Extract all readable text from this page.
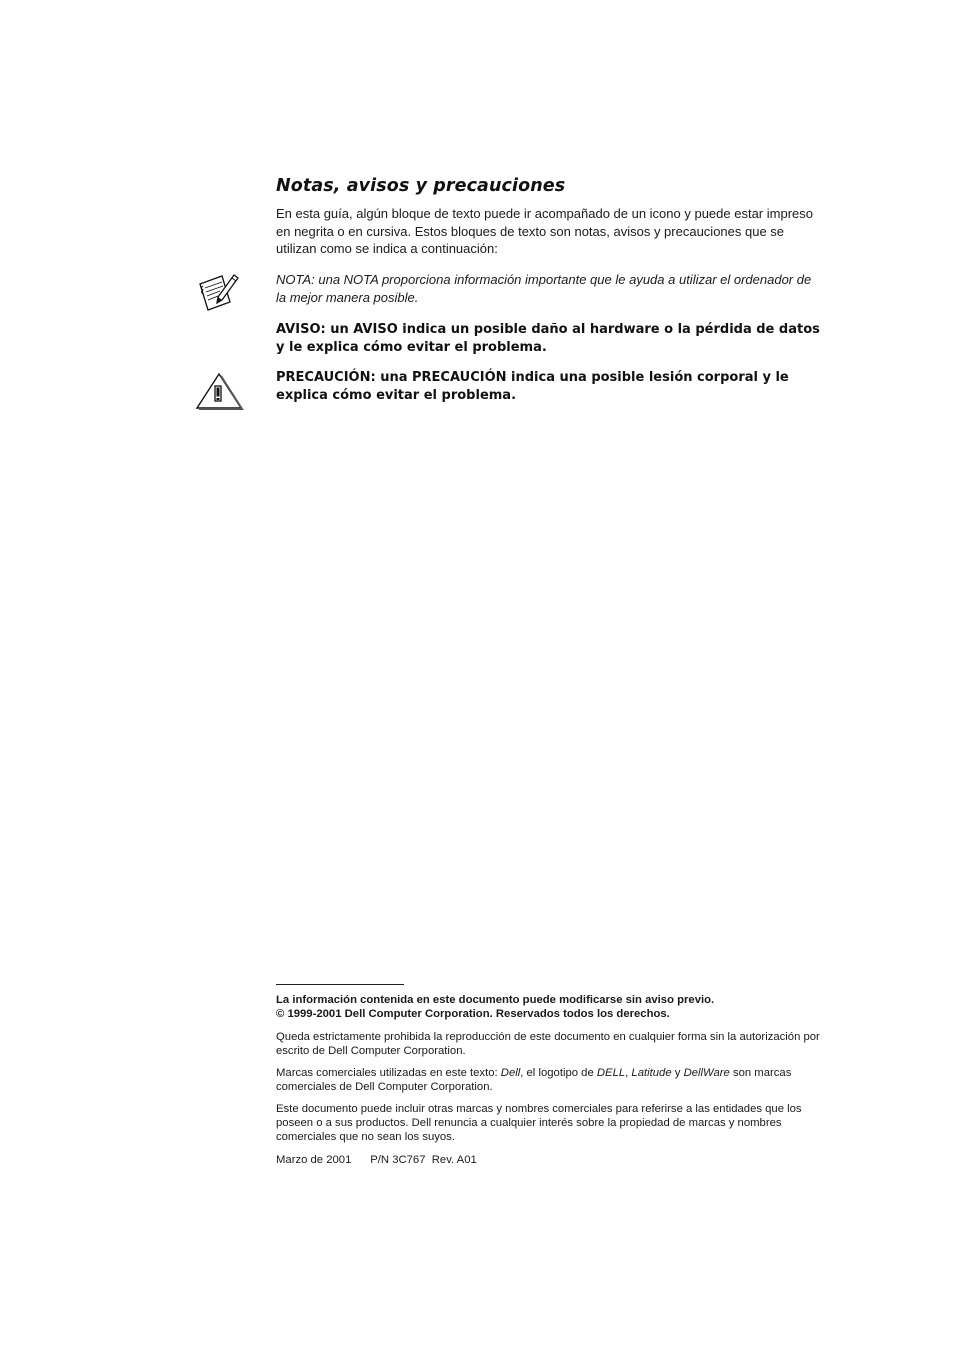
Notas, avisos y precauciones

En esta guía, algún bloque de texto puede ir acompañado de un icono y puede estar impreso en negrita o en cursiva. Estos bloques de texto son notas, avisos y precauciones que se utilizan como se indica a continuación:

NOTA: una NOTA proporciona información importante que le ayuda a utilizar el ordenador de la mejor manera posible.

AVISO: un AVISO indica un posible daño al hardware o la pérdida de datos y le explica cómo evitar el problema.

PRECAUCIÓN: una PRECAUCIÓN indica una posible lesión corporal y le explica cómo evitar el problema.

La información contenida en este documento puede modificarse sin aviso previo.
© 1999-2001 Dell Computer Corporation. Reservados todos los derechos.

Queda estrictamente prohibida la reproducción de este documento en cualquier forma sin la autorización por escrito de Dell Computer Corporation.

Marcas comerciales utilizadas en este texto: Dell, el logotipo de DELL, Latitude y DellWare son marcas comerciales de Dell Computer Corporation.

Este documento puede incluir otras marcas y nombres comerciales para referirse a las entidades que los poseen o a sus productos. Dell renuncia a cualquier interés sobre la propiedad de marcas y nombres comerciales que no sean los suyos.

Marzo de 2001 P/N 3C767 Rev. A01
